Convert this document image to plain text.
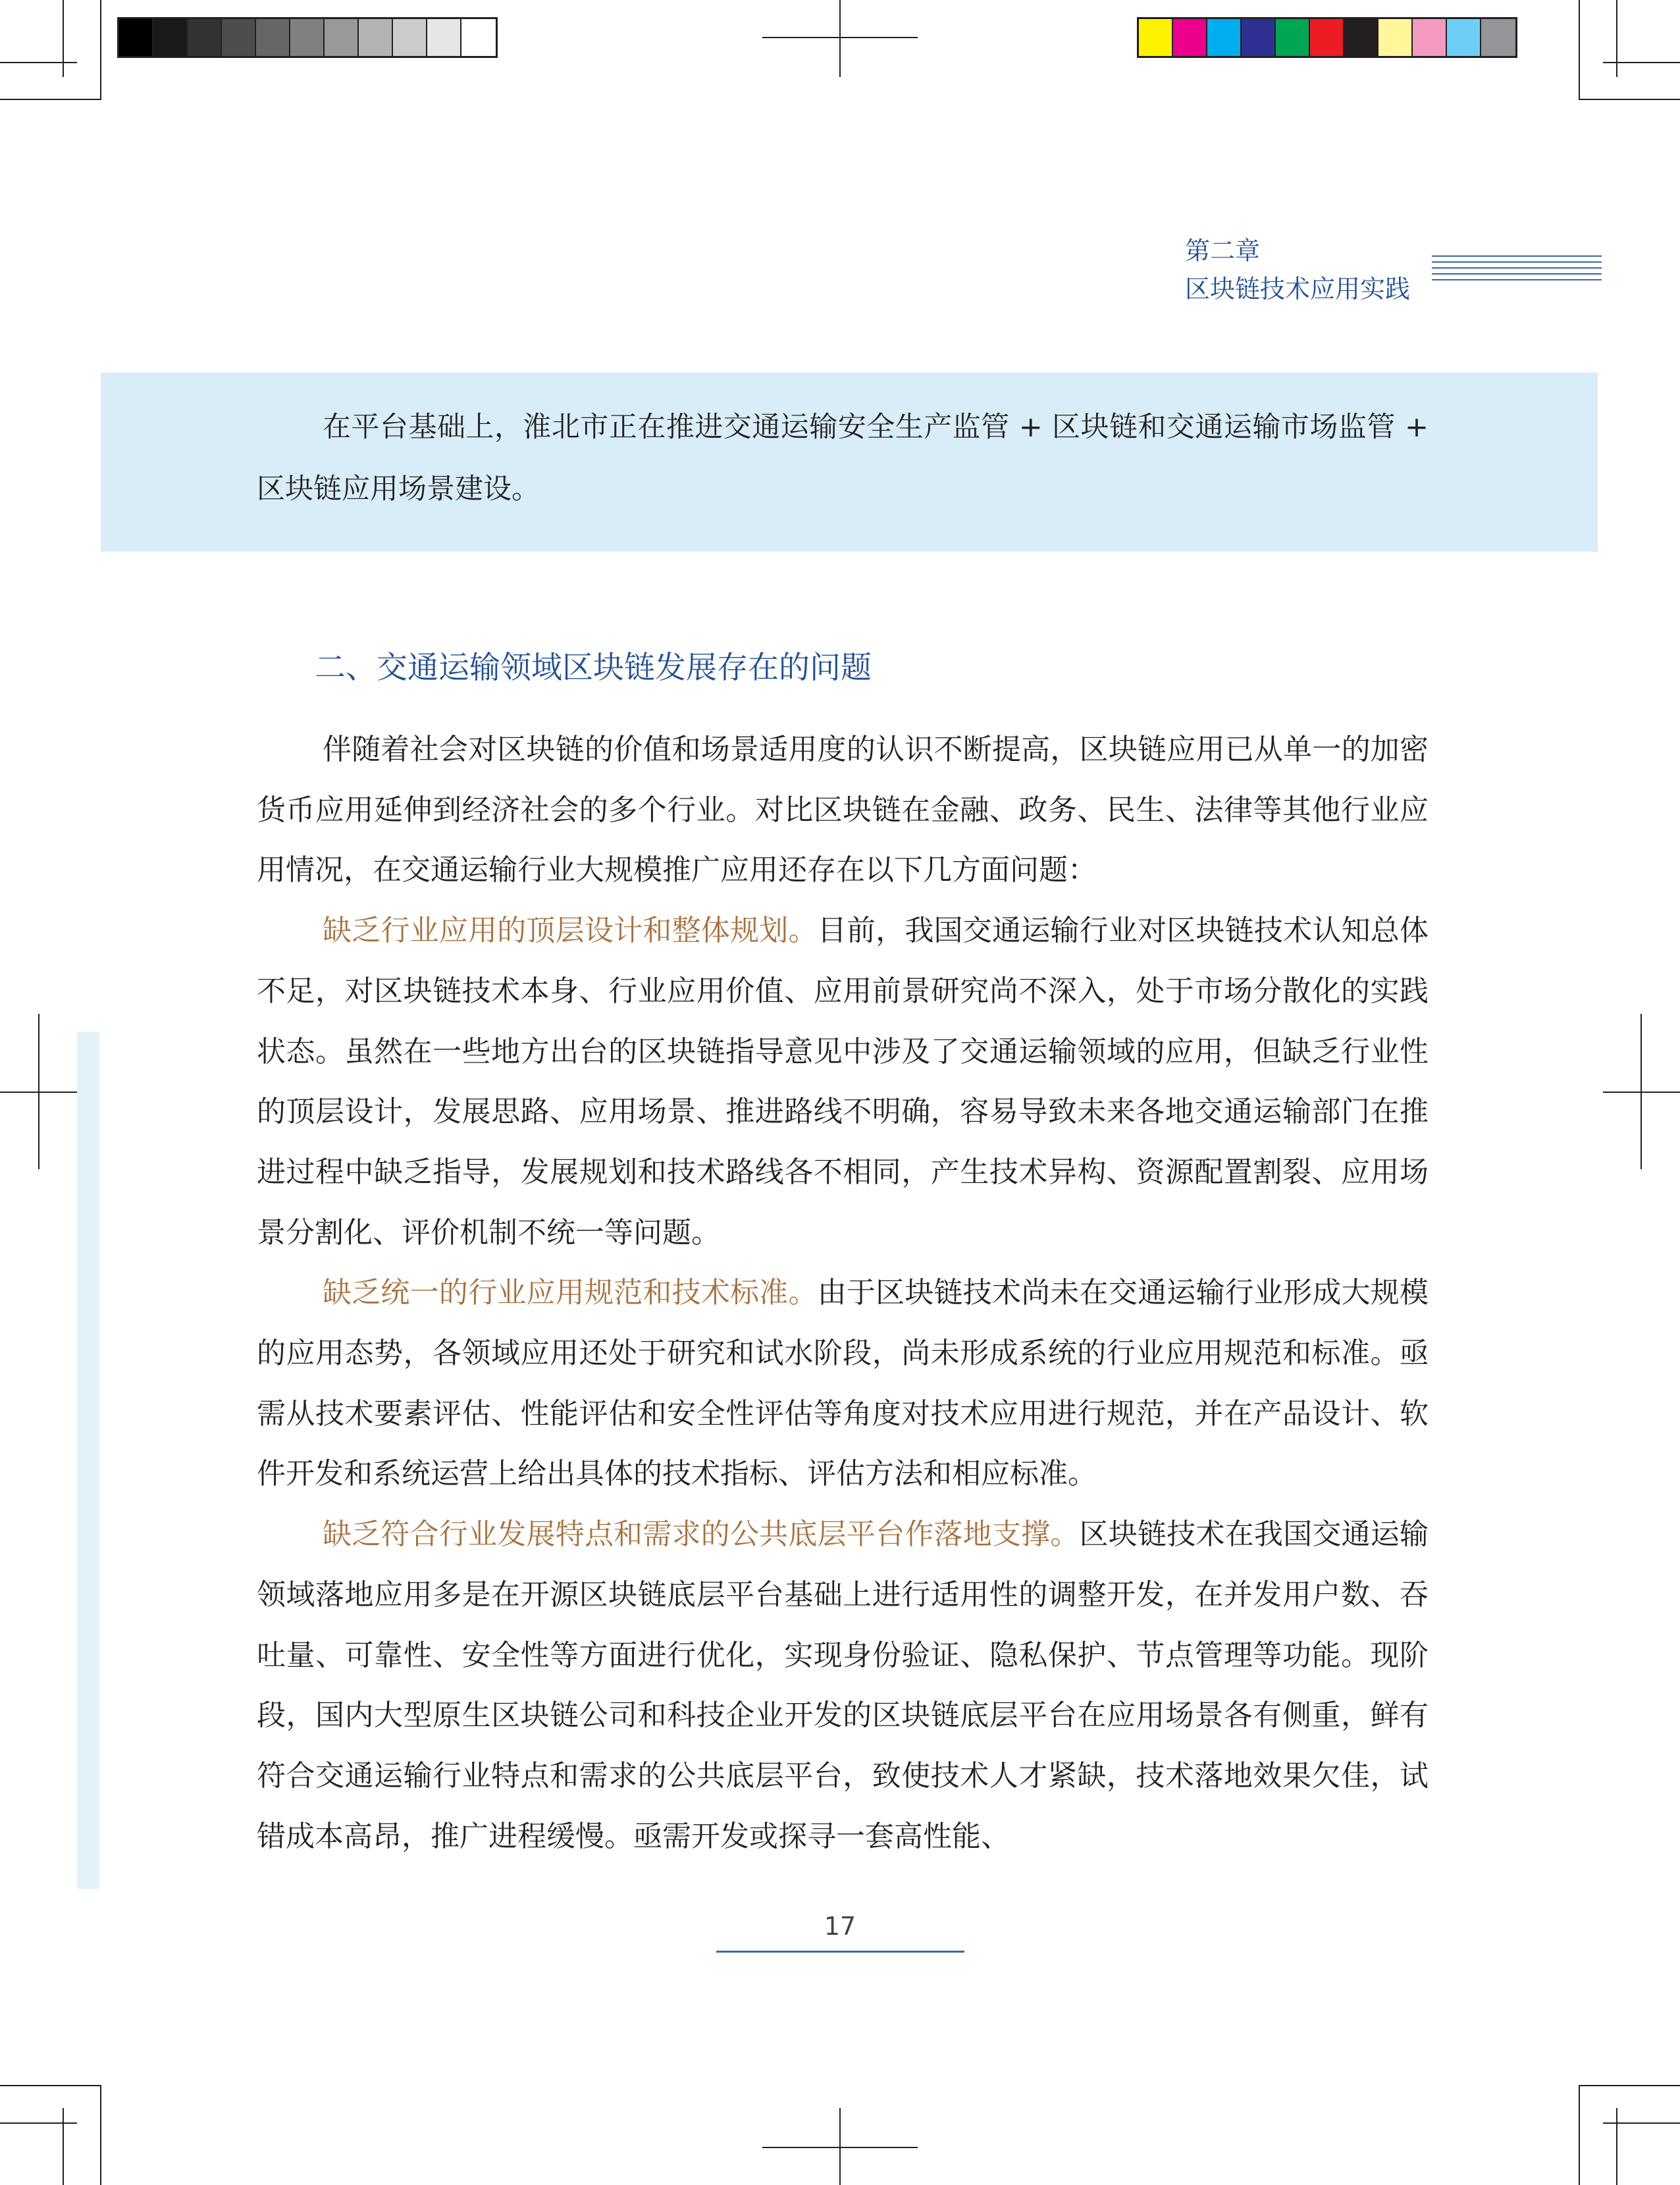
第二章
区块链技术应用实践
在平台基础上，淮北市正在推进交通运输安全生产监管 + 区块链和交通运输市场监管 + 区块链应用场景建设。
二、交通运输领域区块链发展存在的问题

伴随着社会对区块链的价值和场景适用度的认识不断提高，区块链应用已从单一的加密货币应用延伸到经济社会的多个行业。对比区块链在金融、政务、民生、法律等其他行业应用情况，在交通运输行业大规模推广应用还存在以下几方面问题：

缺乏行业应用的顶层设计和整体规划。目前，我国交通运输行业对区块链技术认知总体不足，对区块链技术本身、行业应用价值、应用前景研究尚不深入，处于市场分散化的实践状态。虽然在一些地方出台的区块链指导意见中涉及了交通运输领域的应用，但缺乏行业性的顶层设计，发展思路、应用场景、推进路线不明确，容易导致未来各地交通运输部门在推进过程中缺乏指导，发展规划和技术路线各不相同，产生技术异构、资源配置割裂、应用场景分割化、评价机制不统一等问题。

缺乏统一的行业应用规范和技术标准。由于区块链技术尚未在交通运输行业形成大规模的应用态势，各领域应用还处于研究和试水阶段，尚未形成系统的行业应用规范和标准。亟需从技术要素评估、性能评估和安全性评估等角度对技术应用进行规范，并在产品设计、软件开发和系统运营上给出具体的技术指标、评估方法和相应标准。

缺乏符合行业发展特点和需求的公共底层平台作落地支撑。区块链技术在我国交通运输领域落地应用多是在开源区块链底层平台基础上进行适用性的调整开发，在并发用户数、吞吐量、可靠性、安全性等方面进行优化，实现身份验证、隐私保护、节点管理等功能。现阶段，国内大型原生区块链公司和科技企业开发的区块链底层平台在应用场景各有侧重，鲜有符合交通运输行业特点和需求的公共底层平台，致使技术人才紧缺，技术落地效果欠佳，试错成本高昂，推广进程缓慢。亟需开发或探寻一套高性能、

17
